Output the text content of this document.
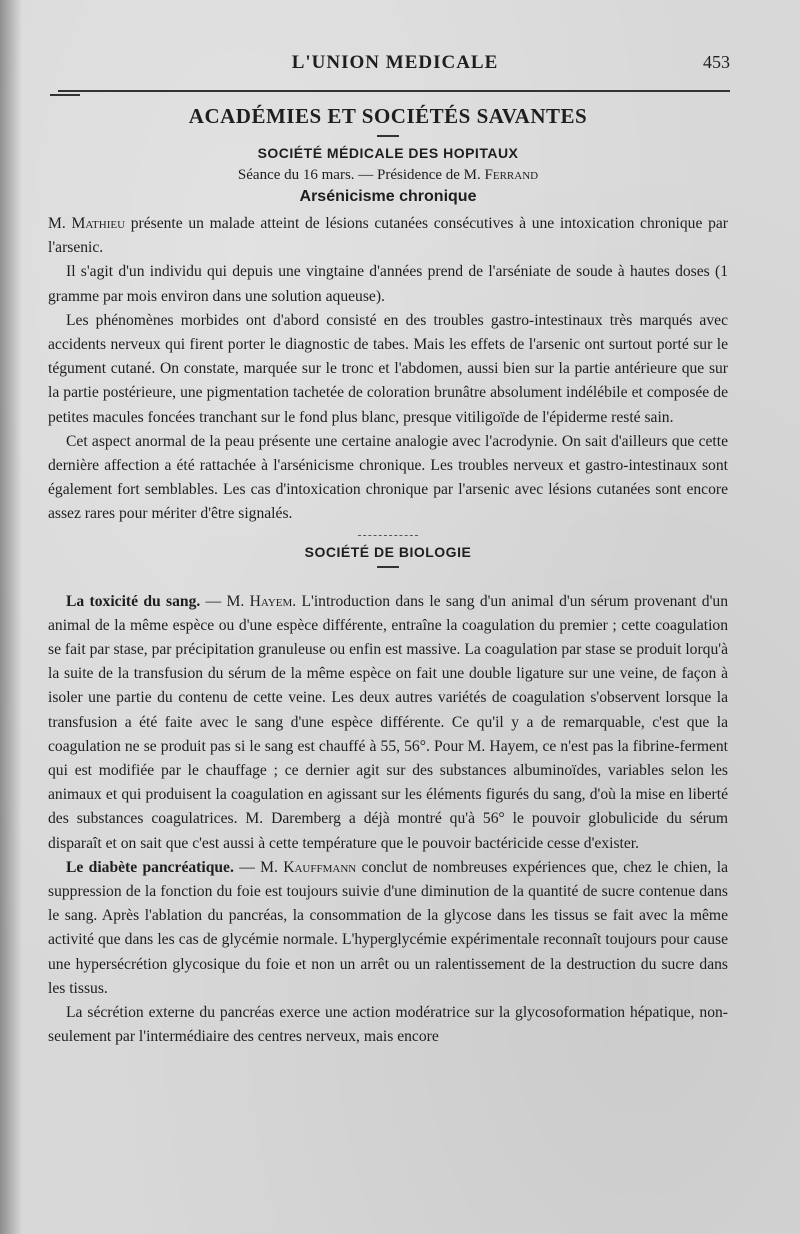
L'UNION MEDICALE	453
ACADÉMIES ET SOCIÉTÉS SAVANTES
SOCIÉTÉ MÉDICALE DES HOPITAUX
Séance du 16 mars. — Présidence de M. Ferrand
Arsénicisme chronique

M. Mathieu présente un malade atteint de lésions cutanées consécutives à une intoxication chronique par l'arsenic.

Il s'agit d'un individu qui depuis une vingtaine d'années prend de l'arséniate de soude à hautes doses (1 gramme par mois environ dans une solution aqueuse).

Les phénomènes morbides ont d'abord consisté en des troubles gastro-intestinaux très marqués avec accidents nerveux qui firent porter le diagnostic de tabes. Mais les effets de l'arsenic ont surtout porté sur le tégument cutané. On constate, marquée sur le tronc et l'abdomen, aussi bien sur la partie antérieure que sur la partie postérieure, une pigmentation tachetée de coloration brunâtre absolument indélébile et composée de petites macules foncées tranchant sur le fond plus blanc, presque vitiligoïde de l'épiderme resté sain.

Cet aspect anormal de la peau présente une certaine analogie avec l'acrodynie. On sait d'ailleurs que cette dernière affection a été rattachée à l'arsénicisme chronique. Les troubles nerveux et gastro-intestinaux sont également fort semblables. Les cas d'intoxication chronique par l'arsenic avec lésions cutanées sont encore assez rares pour mériter d'être signalés.

SOCIÉTÉ DE BIOLOGIE

La toxicité du sang. — M. Hayem. L'introduction dans le sang d'un animal d'un sérum provenant d'un animal de la même espèce ou d'une espèce différente, entraîne la coagulation du premier ; cette coagulation se fait par stase, par précipitation granuleuse ou enfin est massive. La coagulation par stase se produit lorqu'à la suite de la transfusion du sérum de la même espèce on fait une double ligature sur une veine, de façon à isoler une partie du contenu de cette veine. Les deux autres variétés de coagulation s'observent lorsque la transfusion a été faite avec le sang d'une espèce différente. Ce qu'il y a de remarquable, c'est que la coagulation ne se produit pas si le sang est chauffé à 55, 56°. Pour M. Hayem, ce n'est pas la fibrine-ferment qui est modifiée par le chauffage ; ce dernier agit sur des substances albuminoïdes, variables selon les animaux et qui produisent la coagulation en agissant sur les éléments figurés du sang, d'où la mise en liberté des substances coagulatrices. M. Daremberg a déjà montré qu'à 56° le pouvoir globulicide du sérum disparaît et on sait que c'est aussi à cette température que le pouvoir bactéricide cesse d'exister.

Le diabète pancréatique. — M. Kauffmann conclut de nombreuses expériences que, chez le chien, la suppression de la fonction du foie est toujours suivie d'une diminution de la quantité de sucre contenue dans le sang. Après l'ablation du pancréas, la consommation de la glycose dans les tissus se fait avec la même activité que dans les cas de glycémie normale. L'hyperglycémie expérimentale reconnaît toujours pour cause une hypersécrétion glycosique du foie et non un arrêt ou un ralentissement de la destruction du sucre dans les tissus.

La sécrétion externe du pancréas exerce une action modératrice sur la glycosoformation hépatique, non-seulement par l'intermédiaire des centres nerveux, mais encore
